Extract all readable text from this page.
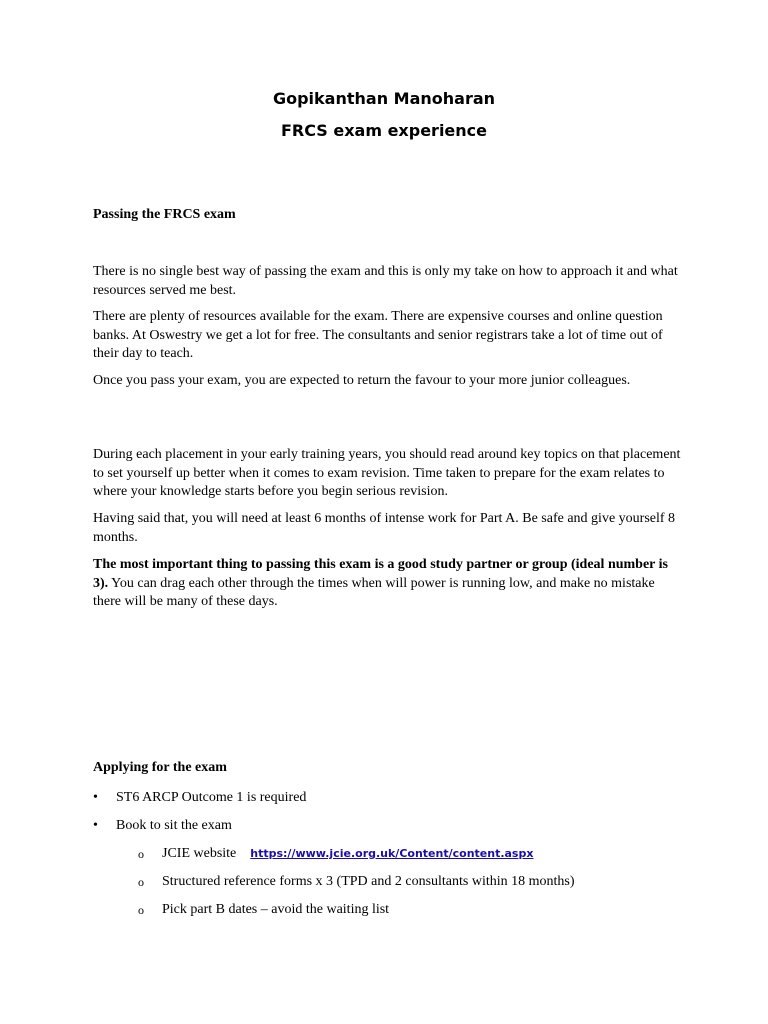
Gopikanthan Manoharan
FRCS exam experience
Passing the FRCS exam

There is no single best way of passing the exam and this is only my take on how to approach it and what resources served me best.

There are plenty of resources available for the exam. There are expensive courses and online question banks. At Oswestry we get a lot for free. The consultants and senior registrars take a lot of time out of their day to teach.

Once you pass your exam, you are expected to return the favour to your more junior colleagues.

During each placement in your early training years, you should read around key topics on that placement to set yourself up better when it comes to exam revision. Time taken to prepare for the exam relates to where your knowledge starts before you begin serious revision.

Having said that, you will need at least 6 months of intense work for Part A. Be safe and give yourself 8 months.

The most important thing to passing this exam is a good study partner or group (ideal number is 3). You can drag each other through the times when will power is running low, and make no mistake there will be many of these days.

Applying for the exam
• ST6 ARCP Outcome 1 is required
• Book to sit the exam
o JCIE website https://www.jcie.org.uk/Content/content.aspx
o Structured reference forms x 3 (TPD and 2 consultants within 18 months)
o Pick part B dates – avoid the waiting list
